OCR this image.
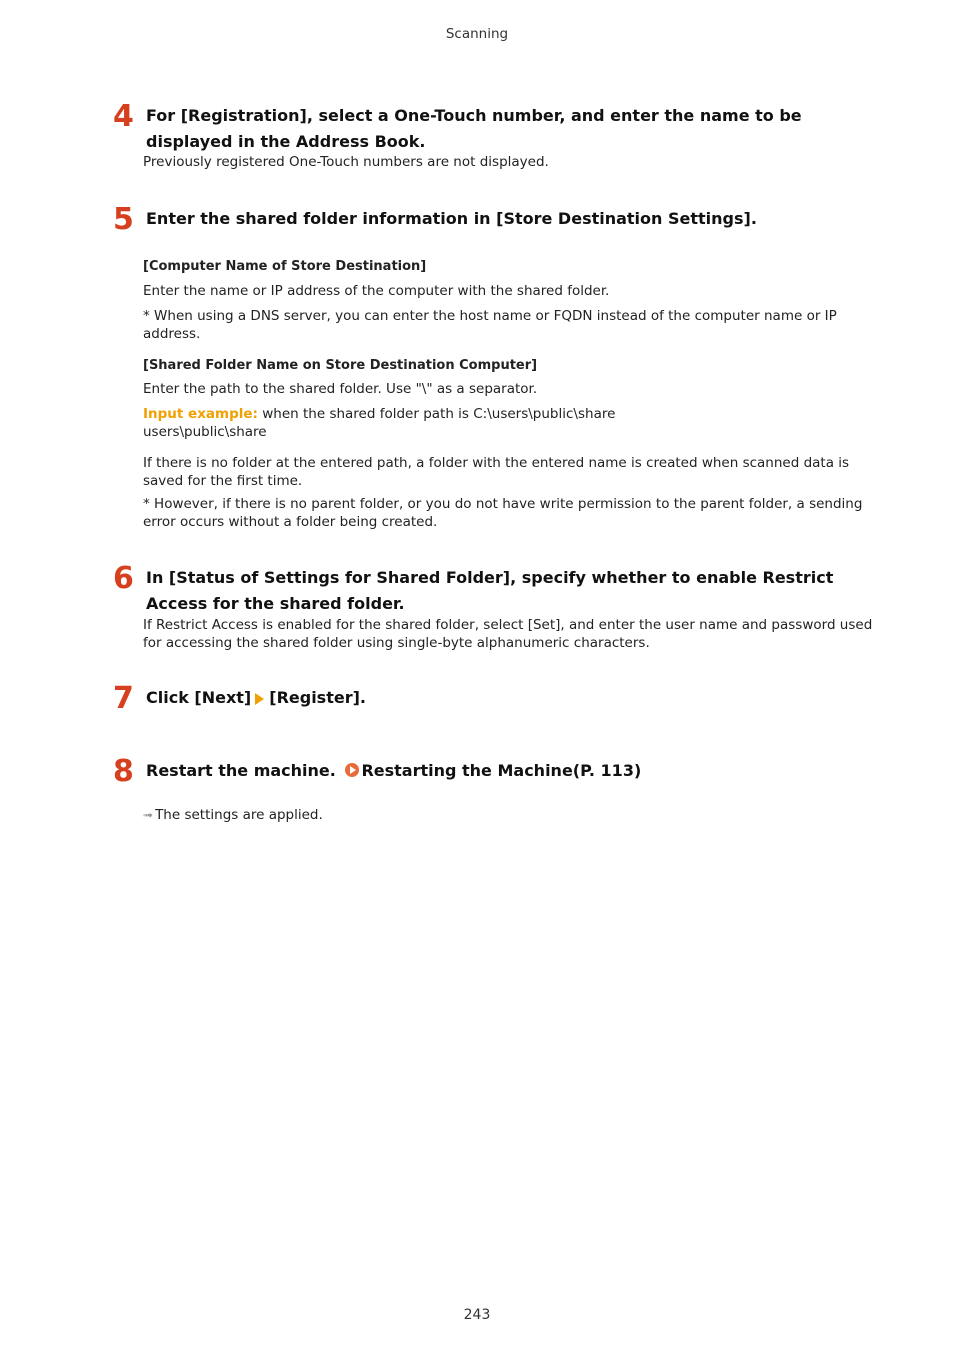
Scanning
4 For [Registration], select a One-Touch number, and enter the name to be displayed in the Address Book.
Previously registered One-Touch numbers are not displayed.
5 Enter the shared folder information in [Store Destination Settings].
[Computer Name of Store Destination]
Enter the name or IP address of the computer with the shared folder.
* When using a DNS server, you can enter the host name or FQDN instead of the computer name or IP address.
[Shared Folder Name on Store Destination Computer]
Enter the path to the shared folder. Use "\" as a separator.
Input example: when the shared folder path is C:\users\public\share
users\public\share
If there is no folder at the entered path, a folder with the entered name is created when scanned data is saved for the first time.
* However, if there is no parent folder, or you do not have write permission to the parent folder, a sending error occurs without a folder being created.
6 In [Status of Settings for Shared Folder], specify whether to enable Restrict Access for the shared folder.
If Restrict Access is enabled for the shared folder, select [Set], and enter the user name and password used for accessing the shared folder using single-byte alphanumeric characters.
7 Click [Next] [Register].
8 Restart the machine. Restarting the Machine(P. 113)
➟ The settings are applied.
243
